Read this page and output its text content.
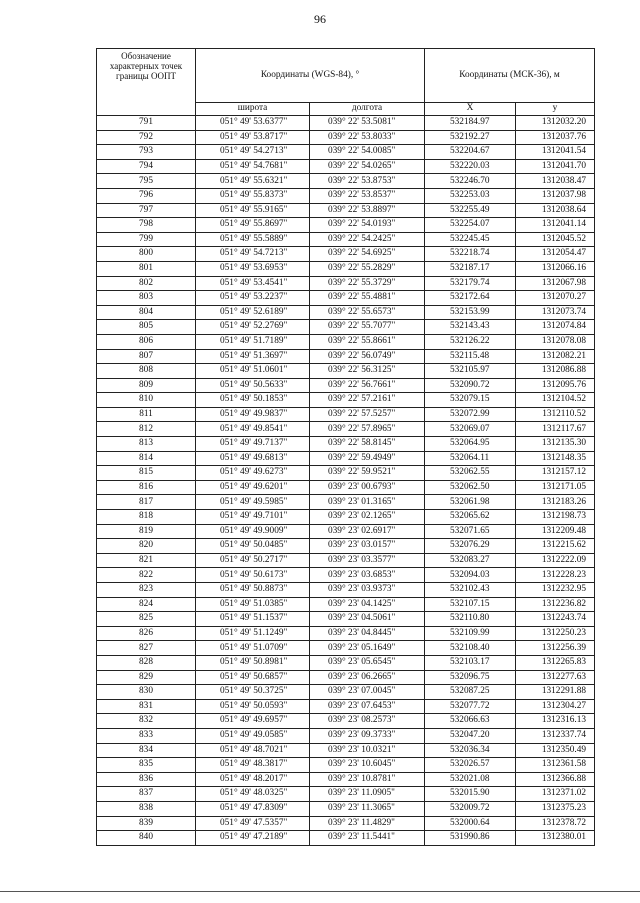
96
Обозначение характерных точек границы ООПТ	Координаты (WGS-84), °		Координаты (МСК-36), м	
	широта	долгота	X	у
791	051° 49' 53.6377"	039° 22' 53.5081"	532184.97	1312032.20
792	051° 49' 53.8717"	039° 22' 53.8033"	532192.27	1312037.76
793	051° 49' 54.2713"	039° 22' 54.0085"	532204.67	1312041.54
794	051° 49' 54.7681"	039° 22' 54.0265"	532220.03	1312041.70
795	051° 49' 55.6321"	039° 22' 53.8753"	532246.70	1312038.47
796	051° 49' 55.8373"	039° 22' 53.8537"	532253.03	1312037.98
797	051° 49' 55.9165"	039° 22' 53.8897"	532255.49	1312038.64
798	051° 49' 55.8697"	039° 22' 54.0193"	532254.07	1312041.14
799	051° 49' 55.5889"	039° 22' 54.2425"	532245.45	1312045.52
800	051° 49' 54.7213"	039° 22' 54.6925"	532218.74	1312054.47
801	051° 49' 53.6953"	039° 22' 55.2829"	532187.17	1312066.16
802	051° 49' 53.4541"	039° 22' 55.3729"	532179.74	1312067.98
803	051° 49' 53.2237"	039° 22' 55.4881"	532172.64	1312070.27
804	051° 49' 52.6189"	039° 22' 55.6573"	532153.99	1312073.74
805	051° 49' 52.2769"	039° 22' 55.7077"	532143.43	1312074.84
806	051° 49' 51.7189"	039° 22' 55.8661"	532126.22	1312078.08
807	051° 49' 51.3697"	039° 22' 56.0749"	532115.48	1312082.21
808	051° 49' 51.0601"	039° 22' 56.3125"	532105.97	1312086.88
809	051° 49' 50.5633"	039° 22' 56.7661"	532090.72	1312095.76
810	051° 49' 50.1853"	039° 22' 57.2161"	532079.15	1312104.52
811	051° 49' 49.9837"	039° 22' 57.5257"	532072.99	1312110.52
812	051° 49' 49.8541"	039° 22' 57.8965"	532069.07	1312117.67
813	051° 49' 49.7137"	039° 22' 58.8145"	532064.95	1312135.30
814	051° 49' 49.6813"	039° 22' 59.4949"	532064.11	1312148.35
815	051° 49' 49.6273"	039° 22' 59.9521"	532062.55	1312157.12
816	051° 49' 49.6201"	039° 23' 00.6793"	532062.50	1312171.05
817	051° 49' 49.5985"	039° 23' 01.3165"	532061.98	1312183.26
818	051° 49' 49.7101"	039° 23' 02.1265"	532065.62	1312198.73
819	051° 49' 49.9009"	039° 23' 02.6917"	532071.65	1312209.48
820	051° 49' 50.0485"	039° 23' 03.0157"	532076.29	1312215.62
821	051° 49' 50.2717"	039° 23' 03.3577"	532083.27	1312222.09
822	051° 49' 50.6173"	039° 23' 03.6853"	532094.03	1312228.23
823	051° 49' 50.8873"	039° 23' 03.9373"	532102.43	1312232.95
824	051° 49' 51.0385"	039° 23' 04.1425"	532107.15	1312236.82
825	051° 49' 51.1537"	039° 23' 04.5061"	532110.80	1312243.74
826	051° 49' 51.1249"	039° 23' 04.8445"	532109.99	1312250.23
827	051° 49' 51.0709"	039° 23' 05.1649"	532108.40	1312256.39
828	051° 49' 50.8981"	039° 23' 05.6545"	532103.17	1312265.83
829	051° 49' 50.6857"	039° 23' 06.2665"	532096.75	1312277.63
830	051° 49' 50.3725"	039° 23' 07.0045"	532087.25	1312291.88
831	051° 49' 50.0593"	039° 23' 07.6453"	532077.72	1312304.27
832	051° 49' 49.6957"	039° 23' 08.2573"	532066.63	1312316.13
833	051° 49' 49.0585"	039° 23' 09.3733"	532047.20	1312337.74
834	051° 49' 48.7021"	039° 23' 10.0321"	532036.34	1312350.49
835	051° 49' 48.3817"	039° 23' 10.6045"	532026.57	1312361.58
836	051° 49' 48.2017"	039° 23' 10.8781"	532021.08	1312366.88
837	051° 49' 48.0325"	039° 23' 11.0905"	532015.90	1312371.02
838	051° 49' 47.8309"	039° 23' 11.3065"	532009.72	1312375.23
839	051° 49' 47.5357"	039° 23' 11.4829"	532000.64	1312378.72
840	051° 49' 47.2189"	039° 23' 11.5441"	531990.86	1312380.01
